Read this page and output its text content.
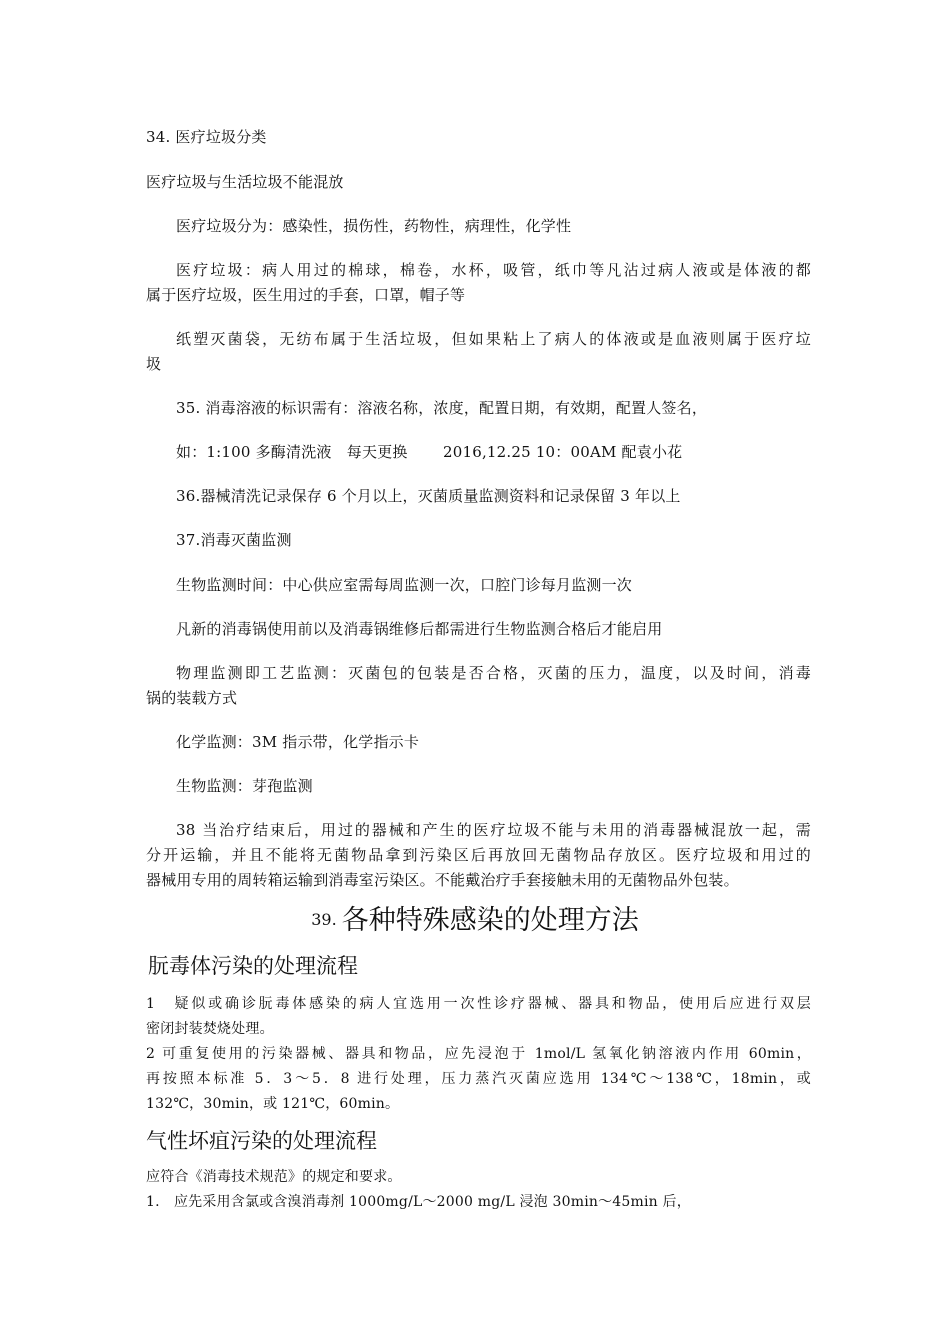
34. 医疗垃圾分类
医疗垃圾与生活垃圾不能混放
医疗垃圾分为：感染性，损伤性，药物性，病理性，化学性
医疗垃圾：病人用过的棉球，棉卷，水杯，吸管，纸巾等凡沾过病人液或是体液的都
属于医疗垃圾，医生用过的手套，口罩，帽子等
纸塑灭菌袋，无纺布属于生活垃圾，但如果粘上了病人的体液或是血液则属于医疗垃
圾
35. 消毒溶液的标识需有：溶液名称，浓度，配置日期，有效期，配置人签名，
如：1:100 多酶清洗液　每天更换　　 2016,12.25 10：00AM 配袁小花
36.器械清洗记录保存 6 个月以上，灭菌质量监测资料和记录保留 3 年以上
37.消毒灭菌监测
生物监测时间：中心供应室需每周监测一次，口腔门诊每月监测一次
凡新的消毒锅使用前以及消毒锅维修后都需进行生物监测合格后才能启用
物理监测即工艺监测：灭菌包的包装是否合格，灭菌的压力，温度，以及时间，消毒
锅的装载方式
化学监测：3M 指示带，化学指示卡
生物监测：芽孢监测
38 当治疗结束后，用过的器械和产生的医疗垃圾不能与未用的消毒器械混放一起，需
分开运输，并且不能将无菌物品拿到污染区后再放回无菌物品存放区。医疗垃圾和用过的
器械用专用的周转箱运输到消毒室污染区。不能戴治疗手套接触未用的无菌物品外包装。
39. 各种特殊感染的处理方法
朊毒体污染的处理流程
1　疑似或确诊朊毒体感染的病人宜选用一次性诊疗器械、器具和物品，使用后应进行双层
密闭封装焚烧处理。
2 可重复使用的污染器械、器具和物品，应先浸泡于 1mol/L 氢氧化钠溶液内作用 60min，
再按照本标准 5．3～5．8 进行处理，压力蒸汽灭菌应选用 134℃～138℃，18min，或
132℃，30min，或 121℃，60min。
气性坏疽污染的处理流程
应符合《消毒技术规范》的规定和要求。
1.　应先采用含氯或含溴消毒剂 1000mg/L～2000 mg/L 浸泡 30min～45min 后，
